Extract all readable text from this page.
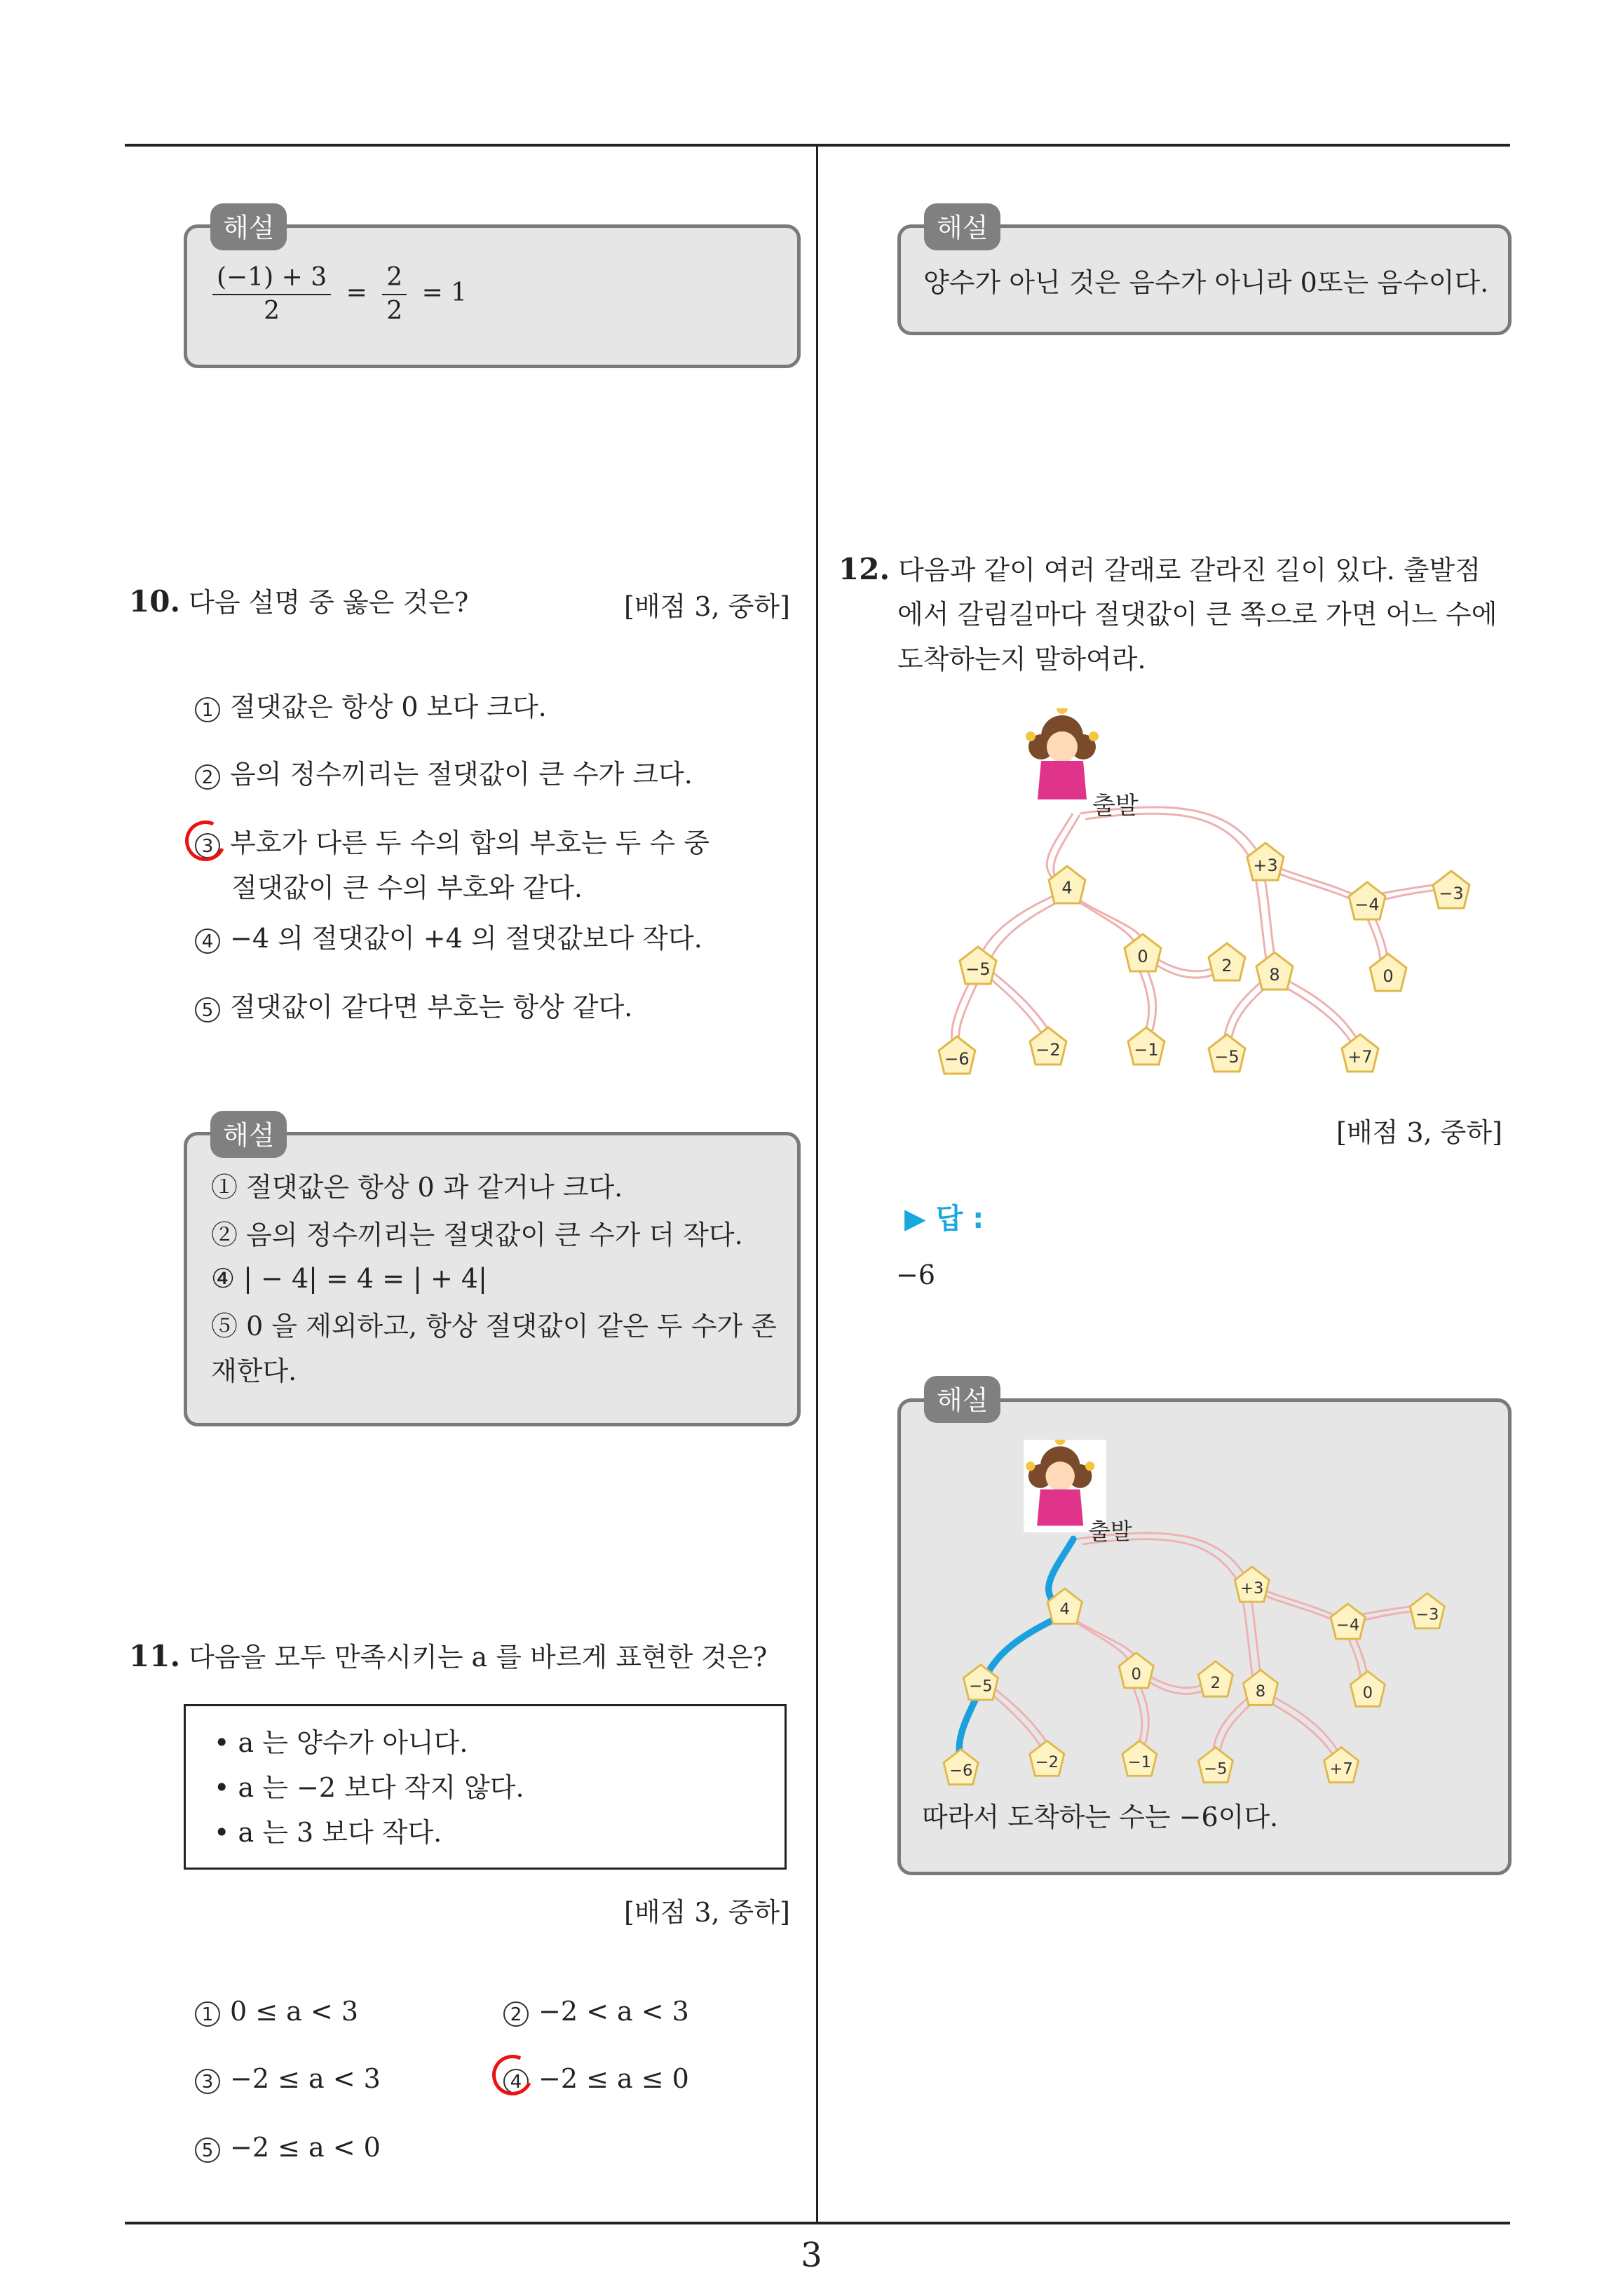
$\frac{(-1) + 3}{2} = \frac{2}{2} = 1$
해설
10. 다음 설명 중 옳은 것은?	[배점 3, 중하]
1 절댓값은 항상 0 보다 크다.
2 음의 정수끼리는 절댓값이 큰 수가 크다.
3 부호가 다른 두 수의 합의 부호는 두 수 중
절댓값이 큰 수의 부호와 같다.
4 −4 의 절댓값이 +4 의 절댓값보다 작다.
5 절댓값이 같다면 부호는 항상 같다.
① 절댓값은 항상 0 과 같거나 크다.
② 음의 정수끼리는 절댓값이 큰 수가 더 작다.
④ | − 4| = 4 = | + 4|
⑤ 0 을 제외하고, 항상 절댓값이 같은 두 수가 존
재한다.
해설
11. 다음을 모두 만족시키는 a 를 바르게 표현한 것은?
• a 는 양수가 아니다.
• a 는 −2 보다 작지 않다.
• a 는 3 보다 작다.
[배점 3, 중하]
1 0 ≤ a < 3	2 −2 < a < 3
3 −2 ≤ a < 3	4 −2 ≤ a ≤ 0
5 −2 ≤ a < 0
양수가 아닌 것은 음수가 아니라 0또는 음수이다.
해설
12. 다음과 같이 여러 갈래로 갈라진 길이 있다. 출발점
에서 갈림길마다 절댓값이 큰 쪽으로 가면 어느 수에
도착하는지 말하여라.
출발
4
+3
−3
−4
−5
0	2 8	0
−6	−2	−1	−5	+7
[배점 3, 중하]
▶ 답 :
−6
출발
4
+3
−3
−4
−5
0	2 8	0
−6	−2	−1	−5	+7
따라서 도착하는 수는 −6이다.
해설
3
